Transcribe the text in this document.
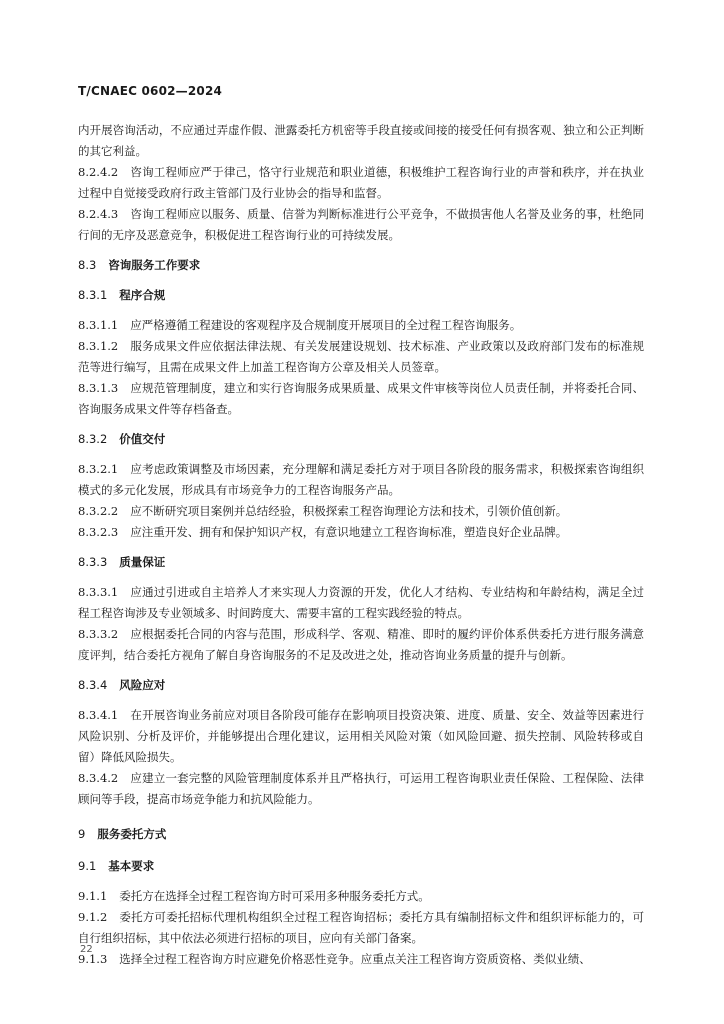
T/CNAEC 0602—2024

内开展咨询活动，不应通过弄虚作假、泄露委托方机密等手段直接或间接的接受任何有损客观、独立和公正判断的其它利益。

8.2.4.2 咨询工程师应严于律己，恪守行业规范和职业道德，积极维护工程咨询行业的声誉和秩序，并在执业过程中自觉接受政府行政主管部门及行业协会的指导和监督。

8.2.4.3 咨询工程师应以服务、质量、信誉为判断标准进行公平竞争，不做损害他人名誉及业务的事，杜绝同行间的无序及恶意竞争，积极促进工程咨询行业的可持续发展。

8.3 咨询服务工作要求

8.3.1 程序合规

8.3.1.1 应严格遵循工程建设的客观程序及合规制度开展项目的全过程工程咨询服务。

8.3.1.2 服务成果文件应依据法律法规、有关发展建设规划、技术标准、产业政策以及政府部门发布的标准规范等进行编写，且需在成果文件上加盖工程咨询方公章及相关人员签章。

8.3.1.3 应规范管理制度，建立和实行咨询服务成果质量、成果文件审核等岗位人员责任制，并将委托合同、咨询服务成果文件等存档备查。

8.3.2 价值交付

8.3.2.1 应考虑政策调整及市场因素，充分理解和满足委托方对于项目各阶段的服务需求，积极探索咨询组织模式的多元化发展，形成具有市场竞争力的工程咨询服务产品。

8.3.2.2 应不断研究项目案例并总结经验，积极探索工程咨询理论方法和技术，引领价值创新。

8.3.2.3 应注重开发、拥有和保护知识产权，有意识地建立工程咨询标准，塑造良好企业品牌。

8.3.3 质量保证

8.3.3.1 应通过引进或自主培养人才来实现人力资源的开发，优化人才结构、专业结构和年龄结构，满足全过程工程咨询涉及专业领域多、时间跨度大、需要丰富的工程实践经验的特点。

8.3.3.2 应根据委托合同的内容与范围，形成科学、客观、精准、即时的履约评价体系供委托方进行服务满意度评判，结合委托方视角了解自身咨询服务的不足及改进之处，推动咨询业务质量的提升与创新。

8.3.4 风险应对

8.3.4.1 在开展咨询业务前应对项目各阶段可能存在影响项目投资决策、进度、质量、安全、效益等因素进行风险识别、分析及评价，并能够提出合理化建议，运用相关风险对策（如风险回避、损失控制、风险转移或自留）降低风险损失。

8.3.4.2 应建立一套完整的风险管理制度体系并且严格执行，可运用工程咨询职业责任保险、工程保险、法律顾问等手段，提高市场竞争能力和抗风险能力。

9 服务委托方式

9.1 基本要求

9.1.1 委托方在选择全过程工程咨询方时可采用多种服务委托方式。

9.1.2 委托方可委托招标代理机构组织全过程工程咨询招标；委托方具有编制招标文件和组织评标能力的，可自行组织招标，其中依法必须进行招标的项目，应向有关部门备案。

9.1.3 选择全过程工程咨询方时应避免价格恶性竞争。应重点关注工程咨询方资质资格、类似业绩、

22
